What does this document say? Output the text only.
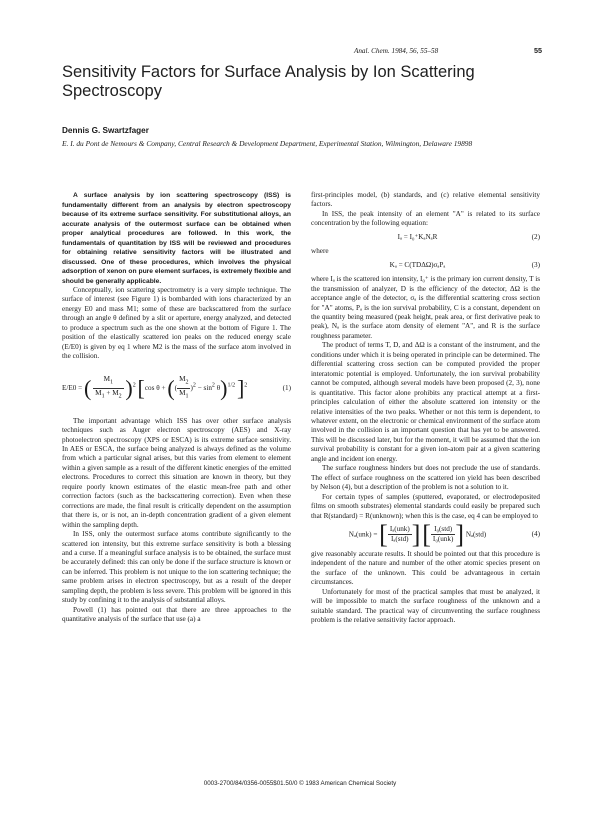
Anal. Chem. 1984, 56, 55–58	55
Sensitivity Factors for Surface Analysis by Ion Scattering Spectroscopy
Dennis G. Swartzfager
E. I. du Pont de Nemours & Company, Central Research & Development Department, Experimental Station, Wilmington, Delaware 19898

A surface analysis by ion scattering spectroscopy (ISS) is fundamentally different from an analysis by electron spectroscopy because of its extreme surface sensitivity. For substitutional alloys, an accurate analysis of the outermost surface can be obtained when proper analytical procedures are followed. In this work, the fundamentals of quantitation by ISS will be reviewed and procedures for obtaining relative sensitivity factors will be illustrated and discussed. One of these procedures, which involves the physical adsorption of xenon on pure element surfaces, is extremely flexible and should be generally applicable.

Conceptually, ion scattering spectrometry is a very simple technique. The surface of interest (see Figure 1) is bombarded with ions characterized by an energy E0 and mass M1; some of these are backscattered from the surface through an angle θ defined by a slit or aperture, energy analyzed, and detected to produce a spectrum such as the one shown at the bottom of Figure 1. The position of the elastically scattered ion peaks on the reduced energy scale (E/E0) is given by eq 1 where M2 is the mass of the surface atom involved in the collision.

E/E0 = ( $\frac{M_1}{M_1 + M_2} )^2$ [cos θ + (( $\frac{M_2}{M_1} )^2 - \sin^2 \theta)^{1/2}$ ]$^2$	(1)

The important advantage which ISS has over other surface analysis techniques such as Auger electron spectroscopy (AES) and X-ray photoelectron spectroscopy (XPS or ESCA) is its extreme surface sensitivity. In AES or ESCA, the surface being analyzed is always defined as the volume from which a particular signal arises, but this varies from element to element within a given sample as a result of the different kinetic energies of the emitted electrons. Procedures to correct this situation are known in theory, but they require poorly known estimates of the elastic mean-free path and other correction factors (such as the backscattering correction). Even when these corrections are made, the final result is critically dependent on the assumption that there is, or is not, an in-depth concentration gradient of a given element within the sampling depth.

In ISS, only the outermost surface atoms contribute significantly to the scattered ion intensity, but this extreme surface sensitivity is both a blessing and a curse. If a meaningful surface analysis is to be obtained, the surface must be accurately defined: this can only be done if the surface structure is known or can be inferred. This problem is not unique to the ion scattering technique; the same problem arises in electron spectroscopy, but as a result of the deeper sampling depth, the problem is less severe. This problem will be ignored in this study by confining it to the analysis of substantial alloys.

Powell (1) has pointed out that there are three approaches to the quantitative analysis of the surface that use (a) a

first-principles model, (b) standards, and (c) relative elemental sensitivity factors.

In ISS, the peak intensity of an element "A" is related to its surface concentration by the following equation:

Iₐ = I₀⁺KₐNₐR	(2)

where

Kₐ = C(TDΔΩ)σₐPₐ	(3)

where Iₐ is the scattered ion intensity, I₀⁺ is the primary ion current density, T is the transmission of analyzer, D is the efficiency of the detector, ΔΩ is the acceptance angle of the detector, σₐ is the differential scattering cross section for "A" atoms, Pₐ is the ion survival probability, C is a constant, dependent on the quantity being measured (peak height, peak area, or first derivative peak to peak), Nₐ is the surface atom density of element "A", and R is the surface roughness parameter.

The product of terms T, D, and ΔΩ is a constant of the instrument, and the conditions under which it is being operated in principle can be determined. The differential scattering cross section can be computed provided the proper interatomic potential is employed. Unfortunately, the ion survival probability cannot be computed, although several models have been proposed (2, 3), none is quantitative. This factor alone prohibits any practical attempt at a first-principles calculation of either the absolute scattered ion intensity or the relative intensities of the two peaks. Whether or not this term is dependent, to whatever extent, on the electronic or chemical environment of the surface atom involved in the collision is an important question that has yet to be answered. This will be discussed later, but for the moment, it will be assumed that the ion survival probability is constant for a given ion-atom pair at a given scattering angle and incident ion energy.

The surface roughness hinders but does not preclude the use of standards. The effect of surface roughness on the scattered ion yield has been described by Nelson (4), but a description of the problem is not a solution to it.

For certain types of samples (sputtered, evaporated, or electrodeposited films on smooth substrates) elemental standards could easily be prepared such that R(standard) = R(unknown); when this is the case, eq 4 can be employed to

Nₐ(unk) = [ $\frac{\text{Iₐ(unk)}}{\text{Iₐ(std)}}$ ] [ $\frac{\text{I₀(std)}}{\text{I₀(unk)}}$ ] Nₐ(std)	(4)

give reasonably accurate results. It should be pointed out that this procedure is independent of the nature and number of the other atomic species present on the surface of the unknown. This could be advantageous in certain circumstances.

Unfortunately for most of the practical samples that must be analyzed, it will be impossible to match the surface roughness of the unknown and a suitable standard. The practical way of circumventing the surface roughness problem is the relative sensitivity factor approach.

0003-2700/84/0356-0055$01.50/0 © 1983 American Chemical Society
